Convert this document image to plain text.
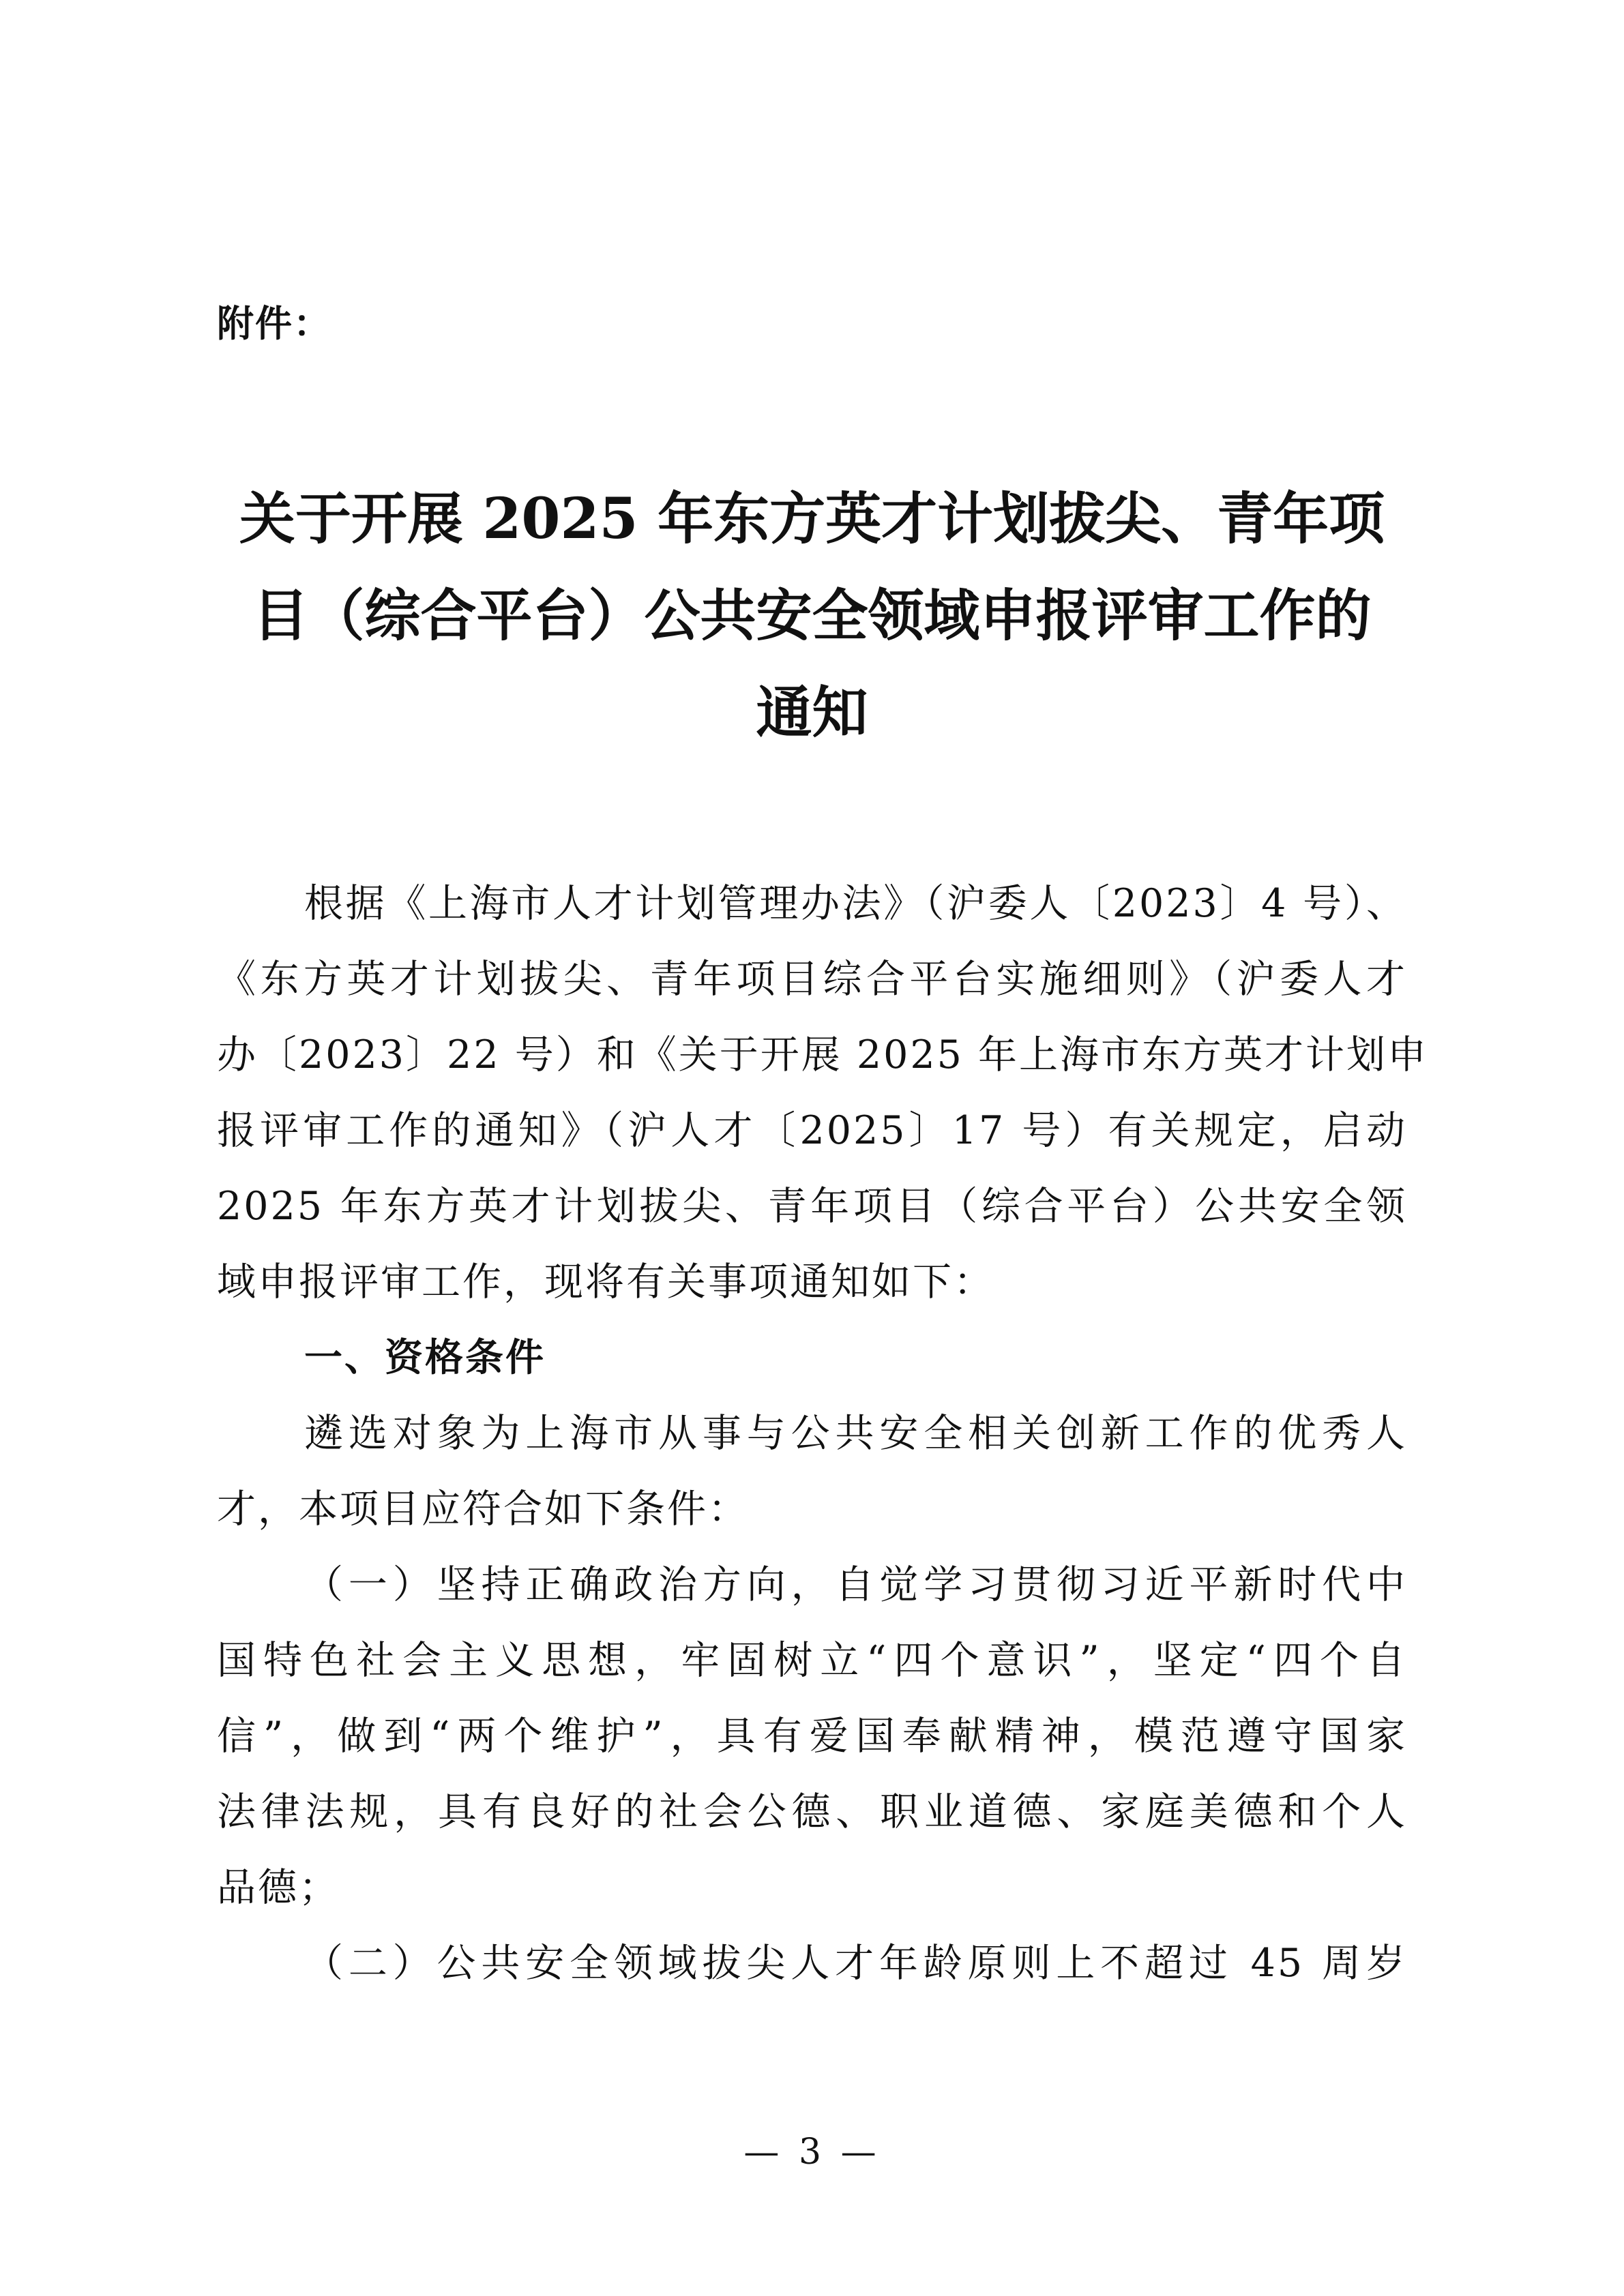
附件：
关于开展 2025 年东方英才计划拔尖、青年项
目（综合平台）公共安全领域申报评审工作的
通知
根据《上海市人才计划管理办法》（沪委人〔2023〕4 号）、
《东方英才计划拔尖、青年项目综合平台实施细则》（沪委人才
办〔2023〕22 号）和《关于开展 2025 年上海市东方英才计划申
报评审工作的通知》（沪人才〔2025〕17 号）有关规定，启动
2025 年东方英才计划拔尖、青年项目（综合平台）公共安全领
域申报评审工作，现将有关事项通知如下：
一、资格条件
遴选对象为上海市从事与公共安全相关创新工作的优秀人
才，本项目应符合如下条件：
（一）坚持正确政治方向，自觉学习贯彻习近平新时代中
国特色社会主义思想，牢固树立“四个意识”，坚定“四个自
信”，做到“两个维护”，具有爱国奉献精神，模范遵守国家
法律法规，具有良好的社会公德、职业道德、家庭美德和个人
品德；
（二）公共安全领域拔尖人才年龄原则上不超过 45 周岁
— 3 —
